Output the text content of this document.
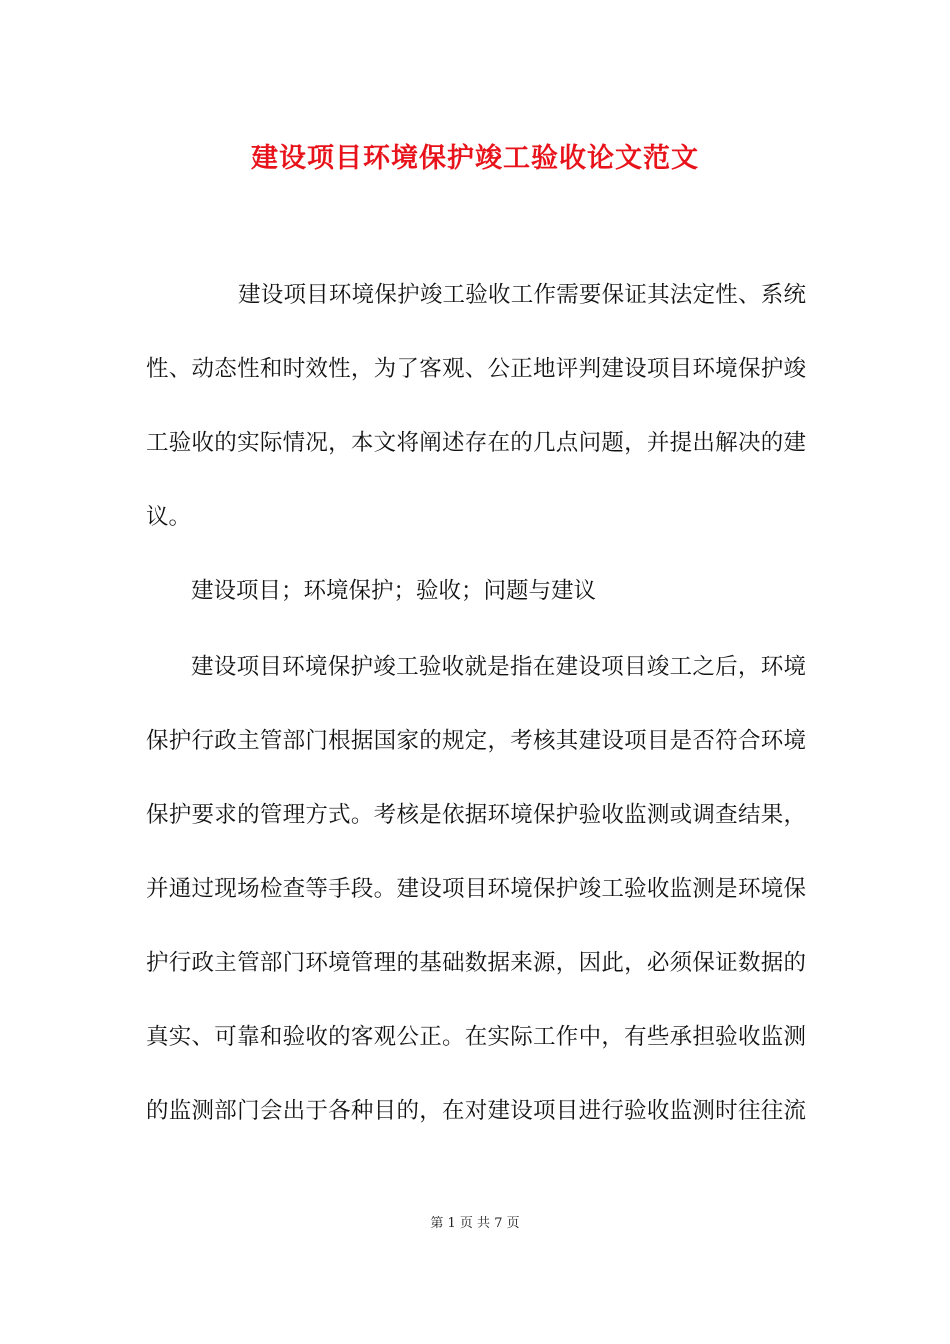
建设项目环境保护竣工验收论文范文
建设项目环境保护竣工验收工作需要保证其法定性、系统
性、动态性和时效性，为了客观、公正地评判建设项目环境保护竣
工验收的实际情况，本文将阐述存在的几点问题，并提出解决的建
议。
建设项目；环境保护；验收；问题与建议
建设项目环境保护竣工验收就是指在建设项目竣工之后，环境
保护行政主管部门根据国家的规定，考核其建设项目是否符合环境
保护要求的管理方式。考核是依据环境保护验收监测或调查结果，
并通过现场检查等手段。建设项目环境保护竣工验收监测是环境保
护行政主管部门环境管理的基础数据来源，因此，必须保证数据的
真实、可靠和验收的客观公正。在实际工作中，有些承担验收监测
的监测部门会出于各种目的，在对建设项目进行验收监测时往往流
第 1 页 共 7 页
